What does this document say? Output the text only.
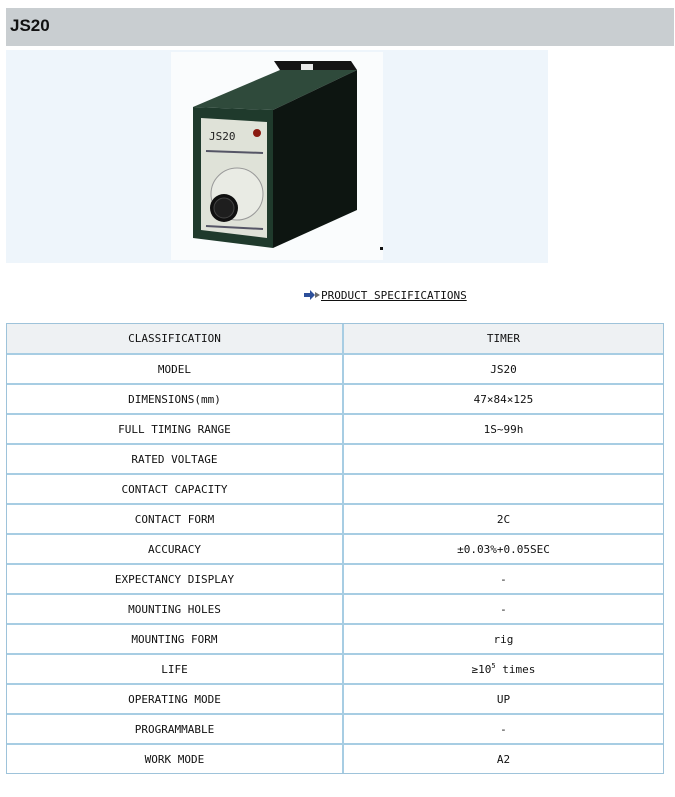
JS20
JS20
PRODUCT SPECIFICATIONS
CLASSIFICATION	TIMER
MODEL	JS20
DIMENSIONS(mm)	47×84×125
FULL TIMING RANGE	1S~99h
RATED VOLTAGE	
CONTACT CAPACITY	
CONTACT FORM	2C
ACCURACY	±0.03%+0.05SEC
EXPECTANCY DISPLAY	-
MOUNTING HOLES	-
MOUNTING FORM	rig
LIFE	$\ge 10^5$ times
OPERATING MODE	UP
PROGRAMMABLE	-
WORK MODE	A2
